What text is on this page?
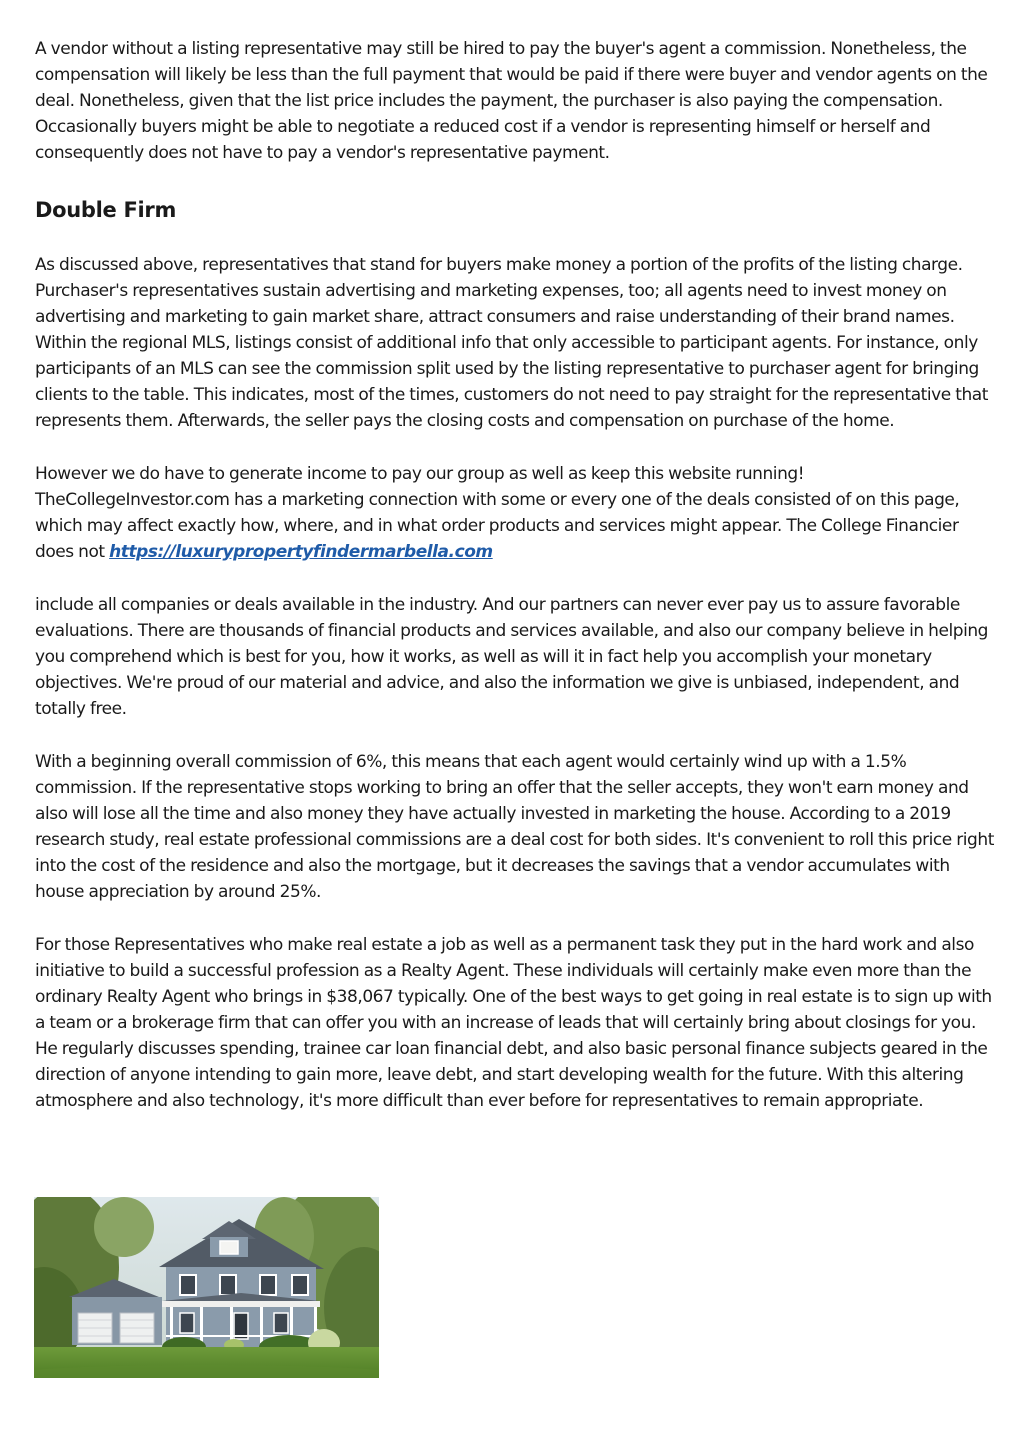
A vendor without a listing representative may still be hired to pay the buyer's agent a commission. Nonetheless, the compensation will likely be less than the full payment that would be paid if there were buyer and vendor agents on the deal. Nonetheless, given that the list price includes the payment, the purchaser is also paying the compensation. Occasionally buyers might be able to negotiate a reduced cost if a vendor is representing himself or herself and consequently does not have to pay a vendor's representative payment.

Double Firm

As discussed above, representatives that stand for buyers make money a portion of the profits of the listing charge. Purchaser's representatives sustain advertising and marketing expenses, too; all agents need to invest money on advertising and marketing to gain market share, attract consumers and raise understanding of their brand names. Within the regional MLS, listings consist of additional info that only accessible to participant agents. For instance, only participants of an MLS can see the commission split used by the listing representative to purchaser agent for bringing clients to the table. This indicates, most of the times, customers do not need to pay straight for the representative that represents them. Afterwards, the seller pays the closing costs and compensation on purchase of the home.

However we do have to generate income to pay our group as well as keep this website running! TheCollegeInvestor.com has a marketing connection with some or every one of the deals consisted of on this page, which may affect exactly how, where, and in what order products and services might appear. The College Financier does not https://luxurypropertyfindermarbella.com

include all companies or deals available in the industry. And our partners can never ever pay us to assure favorable evaluations. There are thousands of financial products and services available, and also our company believe in helping you comprehend which is best for you, how it works, as well as will it in fact help you accomplish your monetary objectives. We're proud of our material and advice, and also the information we give is unbiased, independent, and totally free.

With a beginning overall commission of 6%, this means that each agent would certainly wind up with a 1.5% commission. If the representative stops working to bring an offer that the seller accepts, they won't earn money and also will lose all the time and also money they have actually invested in marketing the house. According to a 2019 research study, real estate professional commissions are a deal cost for both sides. It's convenient to roll this price right into the cost of the residence and also the mortgage, but it decreases the savings that a vendor accumulates with house appreciation by around 25%.

For those Representatives who make real estate a job as well as a permanent task they put in the hard work and also initiative to build a successful profession as a Realty Agent. These individuals will certainly make even more than the ordinary Realty Agent who brings in $38,067 typically. One of the best ways to get going in real estate is to sign up with a team or a brokerage firm that can offer you with an increase of leads that will certainly bring about closings for you. He regularly discusses spending, trainee car loan financial debt, and also basic personal finance subjects geared in the direction of anyone intending to gain more, leave debt, and start developing wealth for the future. With this altering atmosphere and also technology, it's more difficult than ever before for representatives to remain appropriate.
